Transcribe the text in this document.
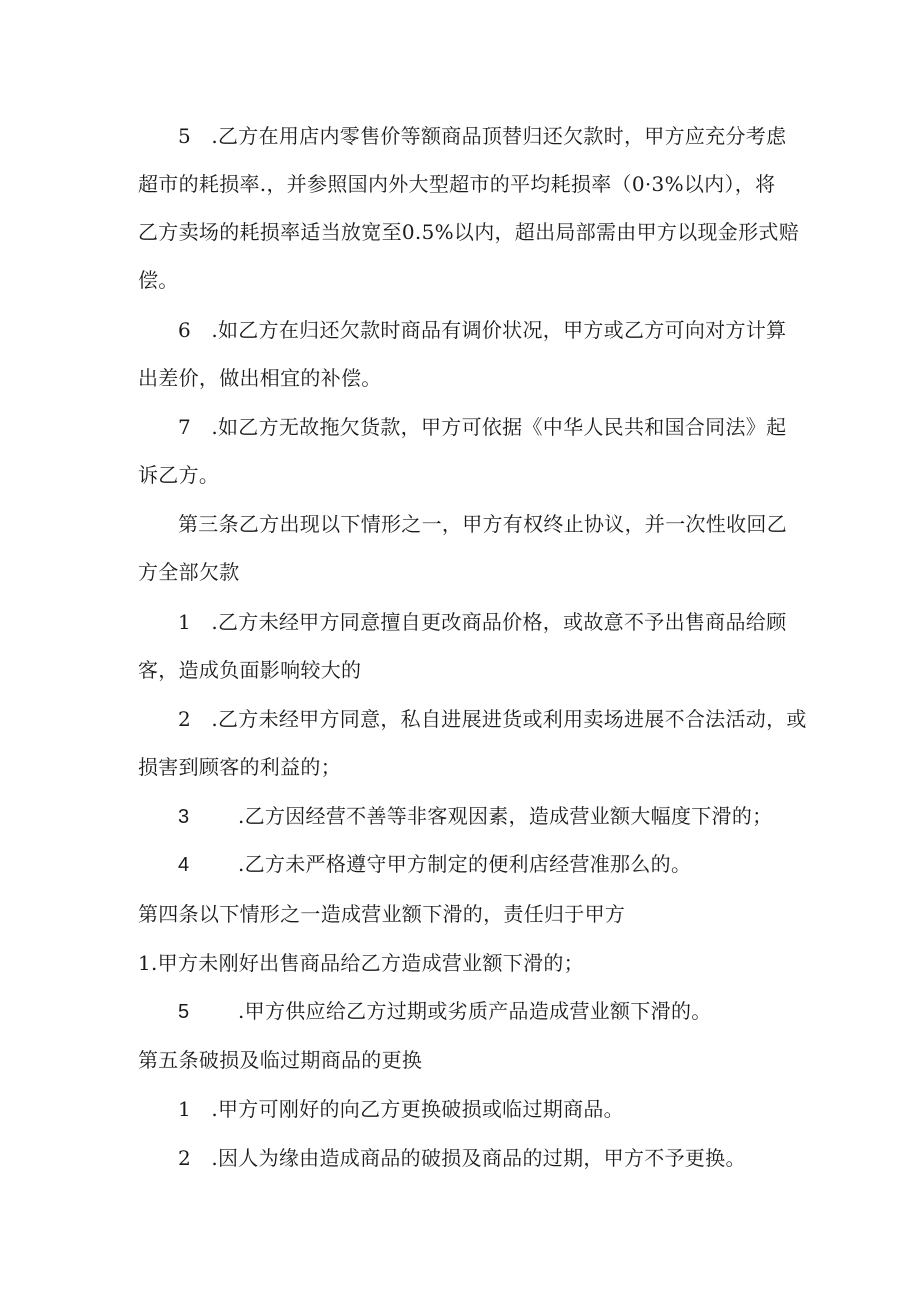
5　.乙方在用店内零售价等额商品顶替归还欠款时，甲方应充分考虑
超市的耗损率.，并参照国内外大型超市的平均耗损率（0·3%以内），将
乙方卖场的耗损率适当放宽至0.5%以内，超出局部需由甲方以现金形式赔
偿。

6　.如乙方在归还欠款时商品有调价状况，甲方或乙方可向对方计算
出差价，做出相宜的补偿。

7　.如乙方无故拖欠货款，甲方可依据《中华人民共和国合同法》起
诉乙方。

第三条乙方出现以下情形之一，甲方有权终止协议，并一次性收回乙
方全部欠款

1　.乙方未经甲方同意擅自更改商品价格，或故意不予出售商品给顾
客，造成负面影响较大的

2　.乙方未经甲方同意，私自进展进货或利用卖场进展不合法活动，或
损害到顾客的利益的；

3 .乙方因经营不善等非客观因素，造成营业额大幅度下滑的；

4 .乙方未严格遵守甲方制定的便利店经营准那么的。

第四条以下情形之一造成营业额下滑的，责任归于甲方

1.甲方未刚好出售商品给乙方造成营业额下滑的；

5 .甲方供应给乙方过期或劣质产品造成营业额下滑的。

第五条破损及临过期商品的更换

1　.甲方可刚好的向乙方更换破损或临过期商品。

2　.因人为缘由造成商品的破损及商品的过期，甲方不予更换。
